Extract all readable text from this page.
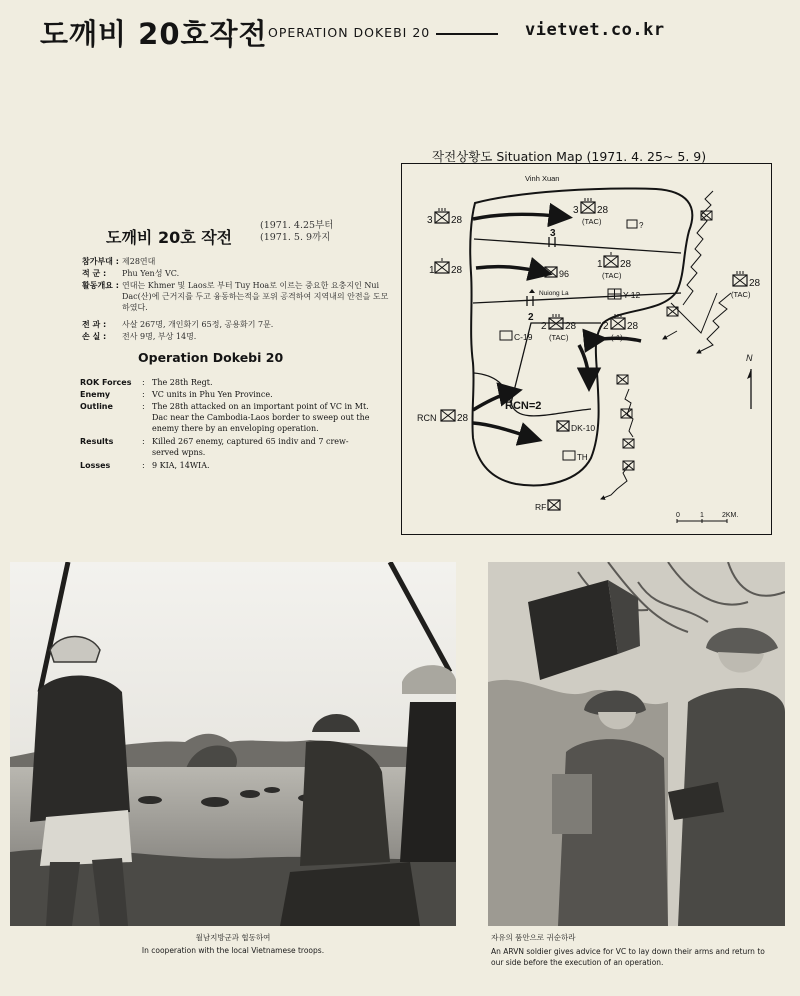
도깨비 20호작전 OPERATION DOKEBI 20	vietvet.co.kr
도깨비 20호 작전
(1971. 4.25부터
(1971. 5. 9까지
참가부대 : 제28연대
적 군 :	Phu Yen성 VC.
활동개요 : 연대는 Khmer 및 Laos로 부터 Tuy Hoa로 이르는 중요한 요충지인 Nui Dac(산)에 근거지를 두고 융동하는적을 포위 공격하여 지역내의 안전을 도모하였다.
전 과 :	사살 267명, 개인화기 65정, 공용화기 7문.
손 실 :	전사 9명, 부상 14명.
Operation Dokebi 20
ROK Forces	: The 28th Regt.
Enemy	: VC units in Phu Yen Province.
Outline	: The 28th attacked on an important point of VC in Mt. Dac near the Cambodia-Laos border to sweep out the enemy there by an enveloping operation.
Results	: Killed 267 enemy, captured 65 indiv and 7 crew-served wpns.
Losses	: 9 KIA, 14WIA.
작전상황도 Situation Map (1971. 4. 25~ 5. 9)
3 28
1 28
3 28
(TAC)
1 28
(TAC)
96
2 28
(TAC)
2 28
(-1)
28
(TAC)
RCN 28
DK-10
RF
?
Y-12
C-19
TH
Vinh Xuan
Nuiong La
RCN=2
3
2
N
0	1	2KM.
월남지방군과 협동하여
In cooperation with the local Vietnamese troops.
자유의 품안으로 귀순하라
An ARVN soldier gives advice for VC to lay down their arms and return to our side before the execution of an operation.
